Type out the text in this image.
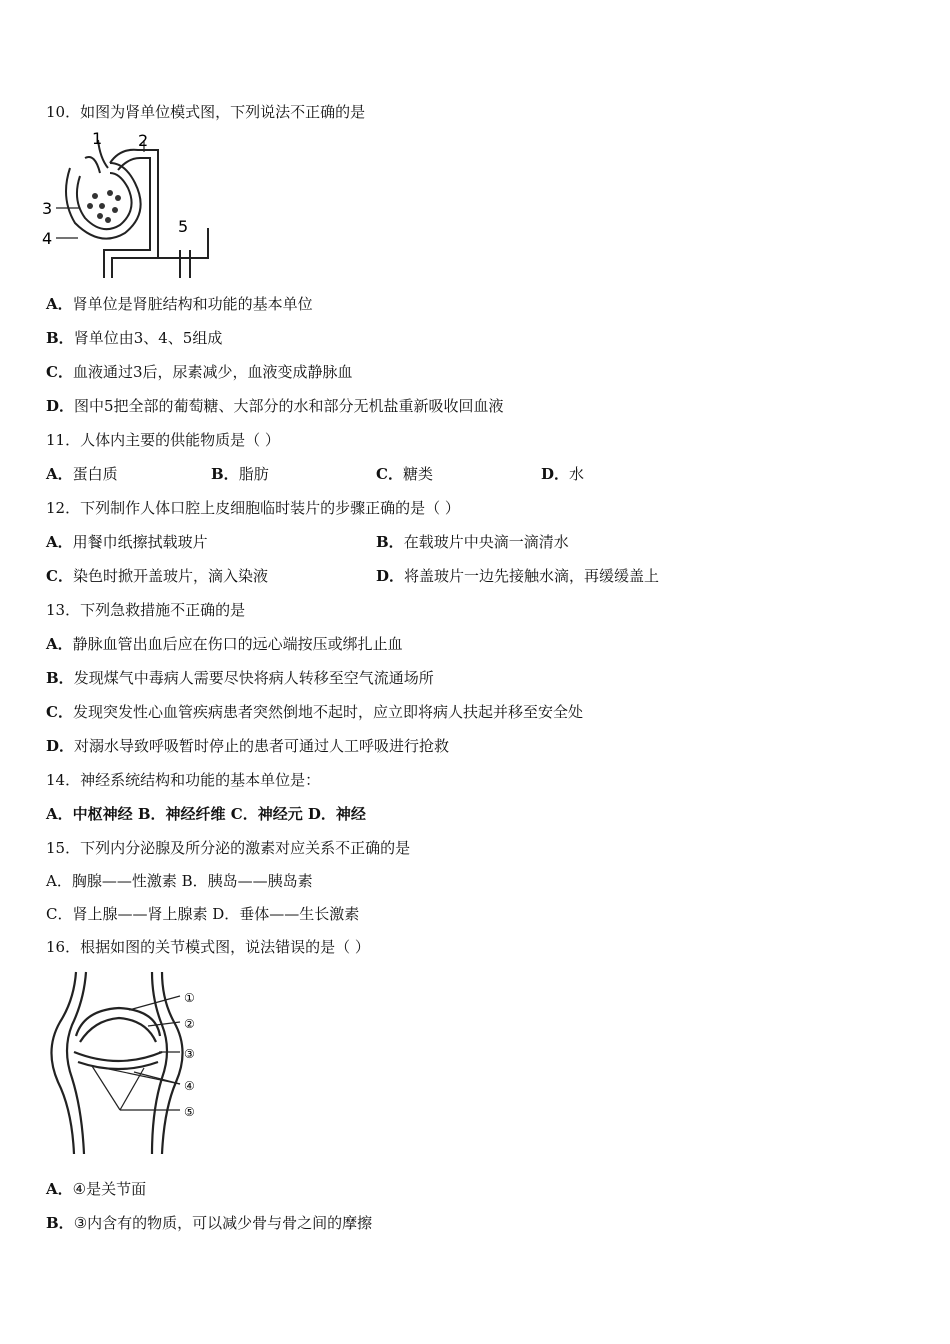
10．如图为肾单位模式图，下列说法不正确的是
1 2
3
4
5
A．肾单位是肾脏结构和功能的基本单位
B．肾单位由3、4、5组成
C．血液通过3后，尿素减少，血液变成静脉血
D．图中5把全部的葡萄糖、大部分的水和部分无机盐重新吸收回血液
11．人体内主要的供能物质是（ ）
A．蛋白质	B．脂肪	C．糖类	D．水
12．下列制作人体口腔上皮细胞临时装片的步骤正确的是（ ）
A．用餐巾纸擦拭载玻片	B．在载玻片中央滴一滴清水
C．染色时掀开盖玻片，滴入染液	D．将盖玻片一边先接触水滴，再缓缓盖上
13．下列急救措施不正确的是
A．静脉血管出血后应在伤口的远心端按压或绑扎止血
B．发现煤气中毒病人需要尽快将病人转移至空气流通场所
C．发现突发性心血管疾病患者突然倒地不起时，应立即将病人扶起并移至安全处
D．对溺水导致呼吸暂时停止的患者可通过人工呼吸进行抢救
14．神经系统结构和功能的基本单位是：
A．中枢神经 B．神经纤维 C．神经元 D．神经
15．下列内分泌腺及所分泌的激素对应关系不正确的是
A．胸腺——性激素 B．胰岛——胰岛素
C．肾上腺——肾上腺素 D．垂体——生长激素
16．根据如图的关节模式图，说法错误的是（ ）
①
②
③
④
⑤
A．④是关节面
B．③内含有的物质，可以减少骨与骨之间的摩擦
